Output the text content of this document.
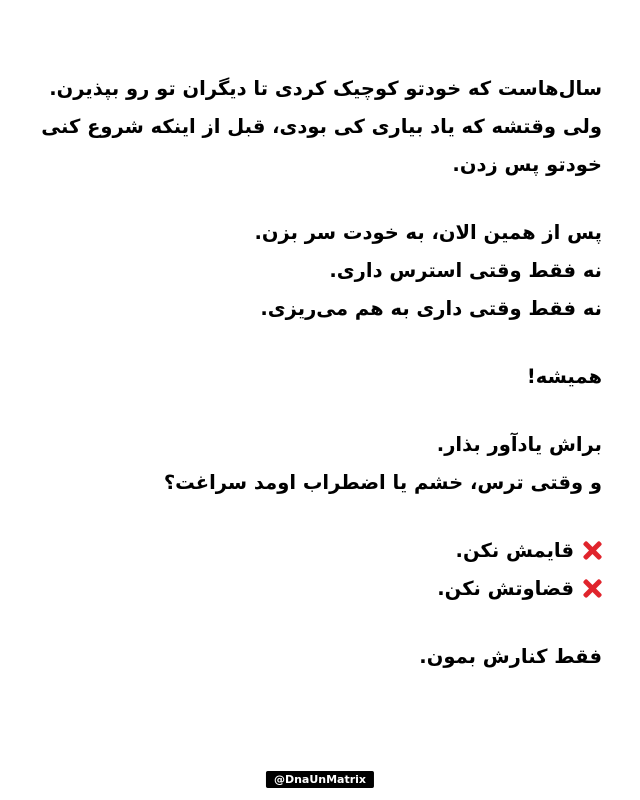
سال‌هاست که خودتو کوچیک کردی تا دیگران تو رو بپذیرن.
ولی وقتشه که یاد بیاری کی بودی، قبل از اینکه شروع کنی
خودتو پس زدن.
پس از همین الان، به خودت سر بزن.
نه فقط وقتی استرس داری.
نه فقط وقتی داری به هم می‌ریزی.
همیشه!
براش یادآور بذار.
و وقتی ترس، خشم یا اضطراب اومد سراغت؟
قایمش نکن.
قضاوتش نکن.
فقط کنارش بمون.
@DnaUnMatrix
